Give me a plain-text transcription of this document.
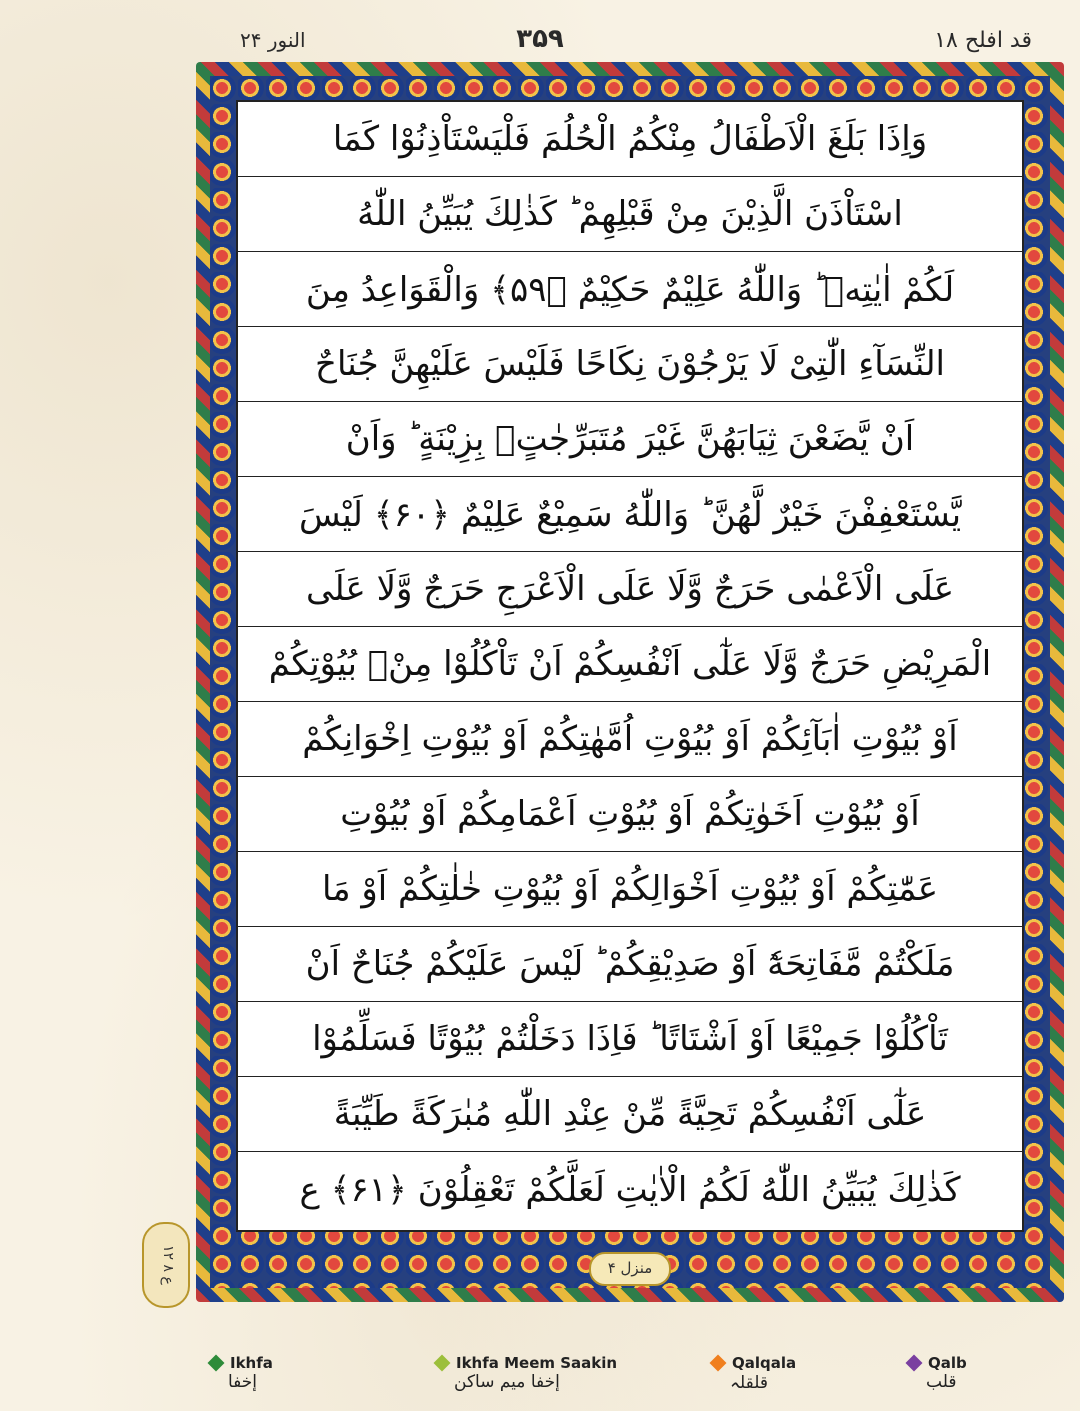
قد افلح ۱۸
۳۵۹
النور ۲۴
وَاِذَا بَلَغَ الْاَطْفَالُ مِنْكُمُ الْحُلُمَ فَلْيَسْتَاْذِنُوْا كَمَا
اسْتَاْذَنَ الَّذِيْنَ مِنْ قَبْلِهِمْ ؕ كَذٰلِكَ يُبَيِّنُ اللّٰهُ
لَكُمْ اٰيٰتِهٖ ؕ وَاللّٰهُ عَلِيْمٌ حَكِيْمٌ ﴿۵۹﴾ وَالْقَوَاعِدُ مِنَ
النِّسَآءِ الّٰتِىْ لَا يَرْجُوْنَ نِكَاحًا فَلَيْسَ عَلَيْهِنَّ جُنَاحٌ
اَنْ يَّضَعْنَ ثِيَابَهُنَّ غَيْرَ مُتَبَرِّجٰتٍۭ بِزِيْنَةٍ ؕ وَاَنْ
يَّسْتَعْفِفْنَ خَيْرٌ لَّهُنَّ ؕ وَاللّٰهُ سَمِيْعٌ عَلِيْمٌ ﴿۶۰﴾ لَيْسَ
عَلَى الْاَعْمٰى حَرَجٌ وَّلَا عَلَى الْاَعْرَجِ حَرَجٌ وَّلَا عَلَى
الْمَرِيْضِ حَرَجٌ وَّلَا عَلٰٓى اَنْفُسِكُمْ اَنْ تَاْكُلُوْا مِنْۢ بُيُوْتِكُمْ
اَوْ بُيُوْتِ اٰبَآئِكُمْ اَوْ بُيُوْتِ اُمَّهٰتِكُمْ اَوْ بُيُوْتِ اِخْوَانِكُمْ
اَوْ بُيُوْتِ اَخَوٰتِكُمْ اَوْ بُيُوْتِ اَعْمَامِكُمْ اَوْ بُيُوْتِ
عَمّٰتِكُمْ اَوْ بُيُوْتِ اَخْوَالِكُمْ اَوْ بُيُوْتِ خٰلٰتِكُمْ اَوْ مَا
مَلَكْتُمْ مَّفَاتِحَهٗٓ اَوْ صَدِيْقِكُمْ ؕ لَيْسَ عَلَيْكُمْ جُنَاحٌ اَنْ
تَاْكُلُوْا جَمِيْعًا اَوْ اَشْتَاتًا ؕ فَاِذَا دَخَلْتُمْ بُيُوْتًا فَسَلِّمُوْا
عَلٰٓى اَنْفُسِكُمْ تَحِيَّةً مِّنْ عِنْدِ اللّٰهِ مُبٰرَكَةً طَيِّبَةً
كَذٰلِكَ يُبَيِّنُ اللّٰهُ لَكُمُ الْاٰيٰتِ لَعَلَّكُمْ تَعْقِلُوْنَ ﴿۶۱﴾ ع
منزل ۴
ع ۸ ۱۲
Ikhfa
إخفا
Ikhfa Meem Saakin
إخفا میم ساکن
Qalqala
قلقلہ
Qalb
قلب
